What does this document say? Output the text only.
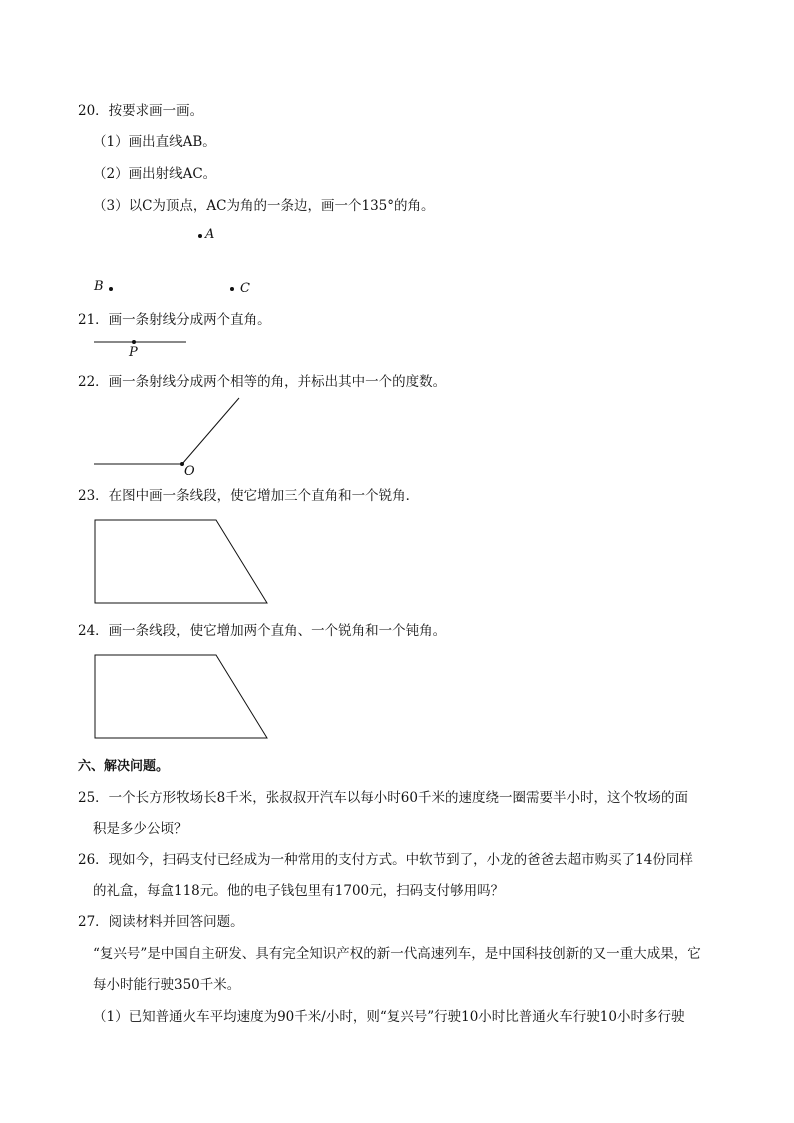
20．按要求画一画。
（1）画出直线AB。
（2）画出射线AC。
（3）以C为顶点，AC为角的一条边，画一个135°的角。
A
B	C
21．画一条射线分成两个直角。
P
22．画一条射线分成两个相等的角，并标出其中一个的度数。
O
23．在图中画一条线段，使它增加三个直角和一个锐角．
24．画一条线段，使它增加两个直角、一个锐角和一个钝角。
六、解决问题。
25．一个长方形牧场长8千米，张叔叔开汽车以每小时60千米的速度绕一圈需要半小时，这个牧场的面
积是多少公顷？
26．现如今，扫码支付已经成为一种常用的支付方式。中软节到了，小龙的爸爸去超市购买了14份同样
的礼盒，每盒118元。他的电子钱包里有1700元，扫码支付够用吗？
27．阅读材料并回答问题。
“复兴号”是中国自主研发、具有完全知识产权的新一代高速列车，是中国科技创新的又一重大成果，它
每小时能行驶350千米。
（1）已知普通火车平均速度为90千米/小时，则“复兴号”行驶10小时比普通火车行驶10小时多行驶
